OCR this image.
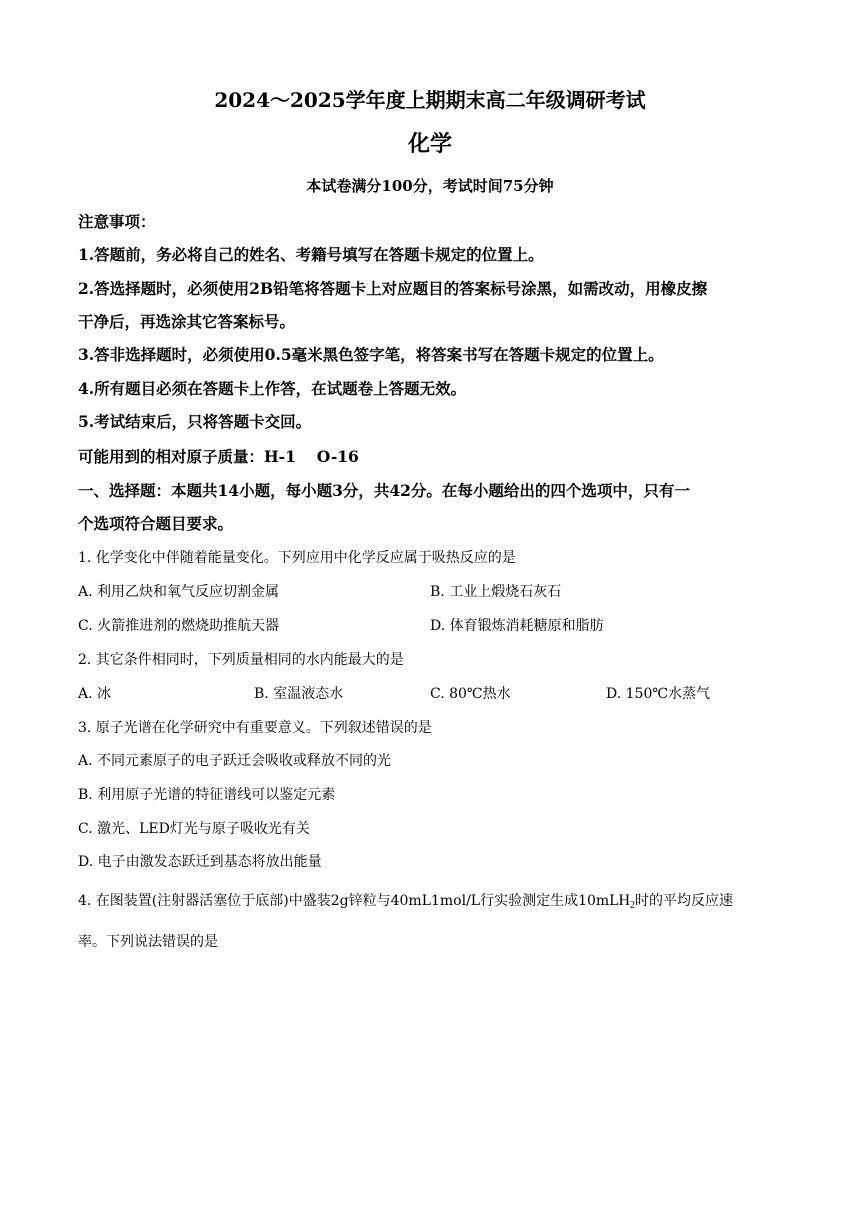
2024～2025学年度上期期末高二年级调研考试
化学
本试卷满分100分，考试时间75分钟
注意事项：
1.答题前，务必将自己的姓名、考籍号填写在答题卡规定的位置上。
2.答选择题时，必须使用2B铅笔将答题卡上对应题目的答案标号涂黑，如需改动，用橡皮擦
干净后，再选涂其它答案标号。
3.答非选择题时，必须使用0.5毫米黑色签字笔，将答案书写在答题卡规定的位置上。
4.所有题目必须在答题卡上作答，在试题卷上答题无效。
5.考试结束后，只将答题卡交回。
可能用到的相对原子质量：H-1　 O-16
一、选择题：本题共14小题，每小题3分，共42分。在每小题给出的四个选项中，只有一
个选项符合题目要求。
1. 化学变化中伴随着能量变化。下列应用中化学反应属于吸热反应的是
A. 利用乙炔和氧气反应切割金属	B. 工业上煅烧石灰石
C. 火箭推进剂的燃烧助推航天器	D. 体育锻炼消耗糖原和脂肪
2. 其它条件相同时，下列质量相同的水内能最大的是
A. 冰	B. 室温液态水	C. 80℃热水	D. 150℃水蒸气
3. 原子光谱在化学研究中有重要意义。下列叙述错误的是
A. 不同元素原子的电子跃迁会吸收或释放不同的光
B. 利用原子光谱的特征谱线可以鉴定元素
C. 激光、LED灯光与原子吸收光有关
D. 电子由激发态跃迁到基态将放出能量
4. 在图装置(注射器活塞位于底部)中盛装2g锌粒与40mL1mol/L行实验测定生成10mLH2时的平均反应速
率。下列说法错误的是
